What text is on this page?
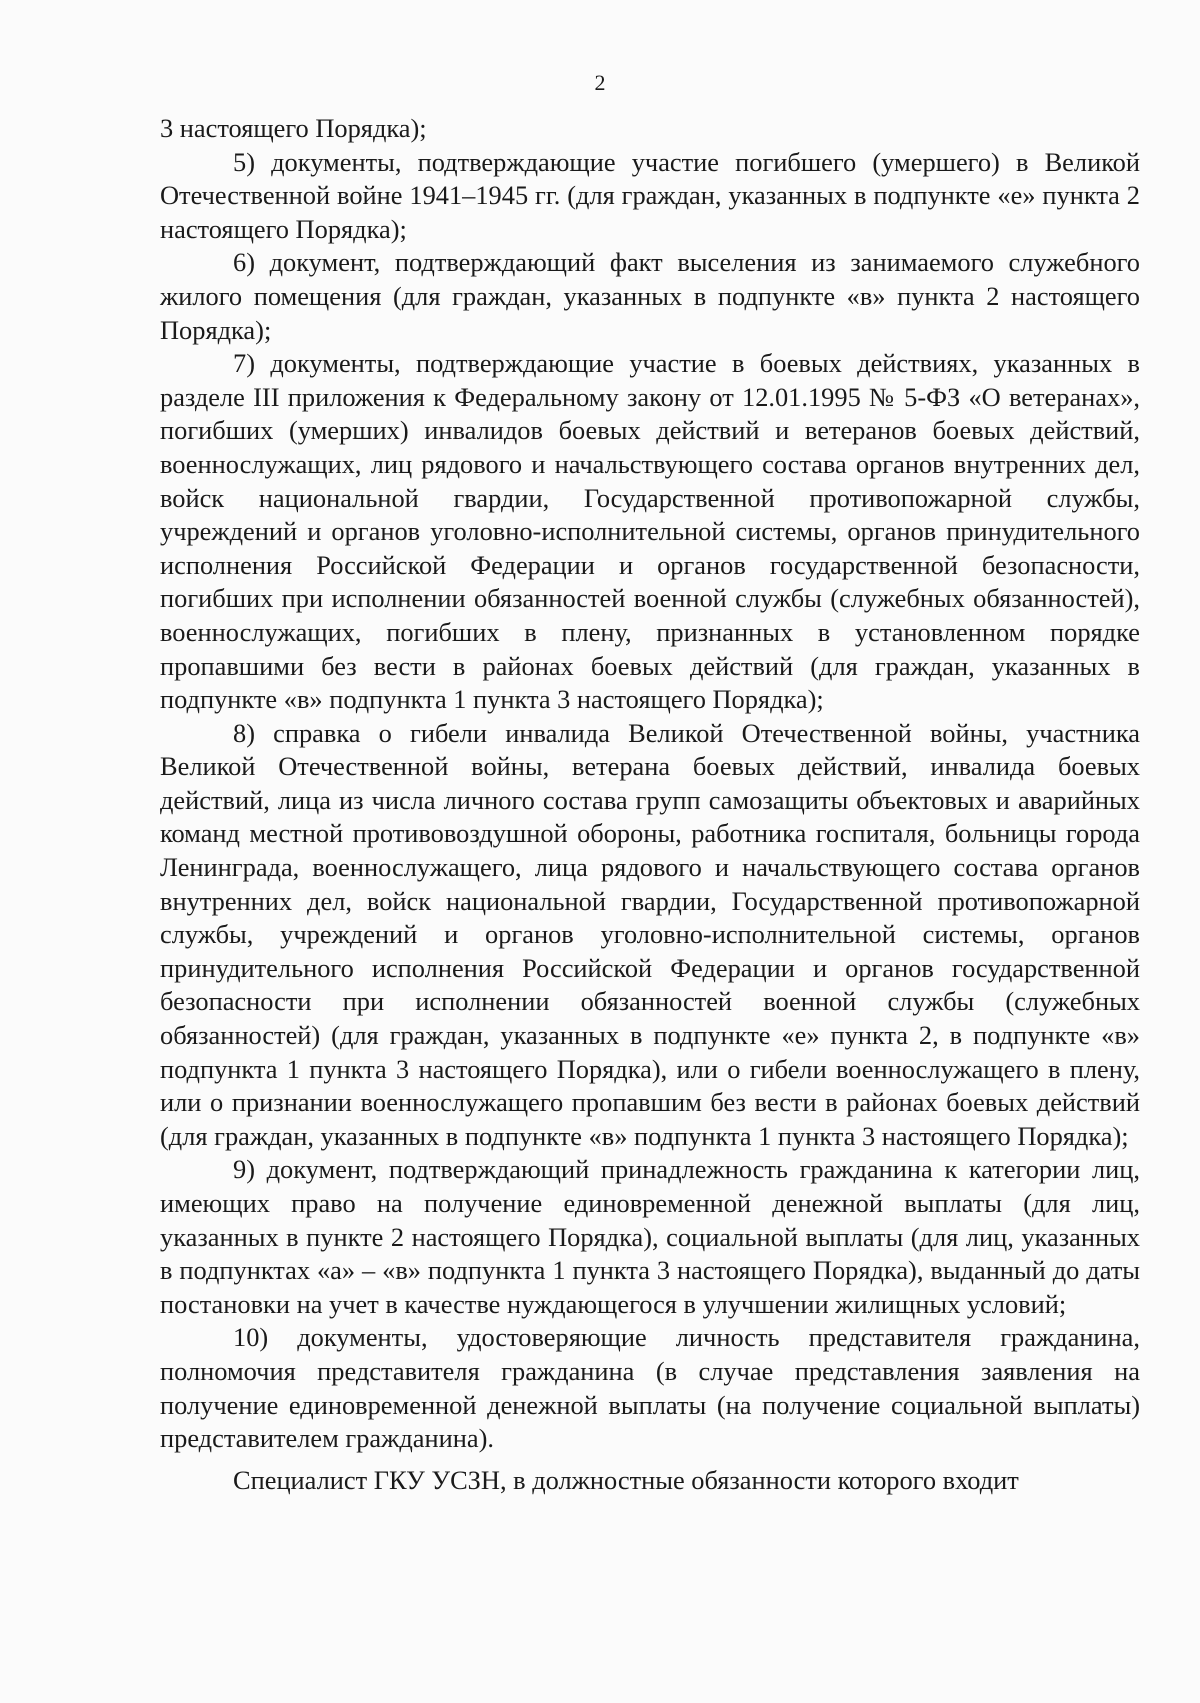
2

3 настоящего Порядка);

5) документы, подтверждающие участие погибшего (умершего) в Великой Отечественной войне 1941–1945 гг. (для граждан, указанных в подпункте «е» пункта 2 настоящего Порядка);

6) документ, подтверждающий факт выселения из занимаемого служебного жилого помещения (для граждан, указанных в подпункте «в» пункта 2 настоящего Порядка);

7) документы, подтверждающие участие в боевых действиях, указанных в разделе III приложения к Федеральному закону от 12.01.1995 № 5-ФЗ «О ветеранах», погибших (умерших) инвалидов боевых действий и ветеранов боевых действий, военнослужащих, лиц рядового и начальствующего состава органов внутренних дел, войск национальной гвардии, Государственной противопожарной службы, учреждений и органов уголовно-исполнительной системы, органов принудительного исполнения Российской Федерации и органов государственной безопасности, погибших при исполнении обязанностей военной службы (служебных обязанностей), военнослужащих, погибших в плену, признанных в установленном порядке пропавшими без вести в районах боевых действий (для граждан, указанных в подпункте «в» подпункта 1 пункта 3 настоящего Порядка);

8) справка о гибели инвалида Великой Отечественной войны, участника Великой Отечественной войны, ветерана боевых действий, инвалида боевых действий, лица из числа личного состава групп самозащиты объектовых и аварийных команд местной противовоздушной обороны, работника госпиталя, больницы города Ленинграда, военнослужащего, лица рядового и начальствующего состава органов внутренних дел, войск национальной гвардии, Государственной противопожарной службы, учреждений и органов уголовно-исполнительной системы, органов принудительного исполнения Российской Федерации и органов государственной безопасности при исполнении обязанностей военной службы (служебных обязанностей) (для граждан, указанных в подпункте «е» пункта 2, в подпункте «в» подпункта 1 пункта 3 настоящего Порядка), или о гибели военнослужащего в плену, или о признании военнослужащего пропавшим без вести в районах боевых действий (для граждан, указанных в подпункте «в» подпункта 1 пункта 3 настоящего Порядка);

9) документ, подтверждающий принадлежность гражданина к категории лиц, имеющих право на получение единовременной денежной выплаты (для лиц, указанных в пункте 2 настоящего Порядка), социальной выплаты (для лиц, указанных в подпунктах «а» – «в» подпункта 1 пункта 3 настоящего Порядка), выданный до даты постановки на учет в качестве нуждающегося в улучшении жилищных условий;

10) документы, удостоверяющие личность представителя гражданина, полномочия представителя гражданина (в случае представления заявления на получение единовременной денежной выплаты (на получение социальной выплаты) представителем гражданина).

Специалист ГКУ УСЗН, в должностные обязанности которого входит
